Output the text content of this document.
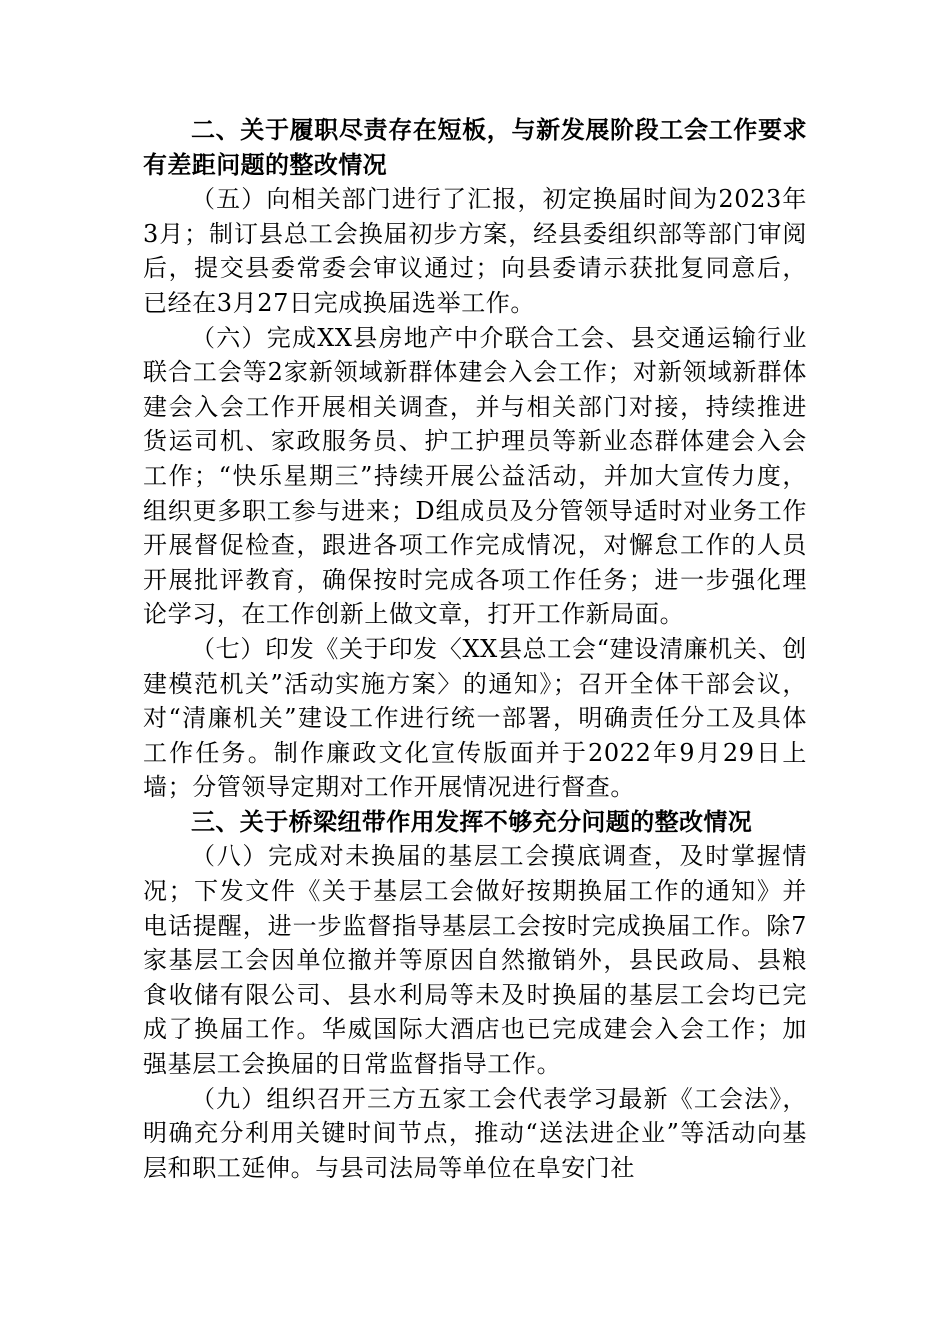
二、关于履职尽责存在短板，与新发展阶段工会工作要求有差距问题的整改情况

（五）向相关部门进行了汇报，初定换届时间为2023年3月；制订县总工会换届初步方案，经县委组织部等部门审阅后，提交县委常委会审议通过；向县委请示获批复同意后，已经在3月27日完成换届选举工作。

（六）完成XX县房地产中介联合工会、县交通运输行业联合工会等2家新领域新群体建会入会工作；对新领域新群体建会入会工作开展相关调查，并与相关部门对接，持续推进货运司机、家政服务员、护工护理员等新业态群体建会入会工作；“快乐星期三”持续开展公益活动，并加大宣传力度，组织更多职工参与进来；D组成员及分管领导适时对业务工作开展督促检查，跟进各项工作完成情况，对懈怠工作的人员开展批评教育，确保按时完成各项工作任务；进一步强化理论学习，在工作创新上做文章，打开工作新局面。

（七）印发《关于印发〈XX县总工会“建设清廉机关、创建模范机关”活动实施方案〉的通知》；召开全体干部会议，对“清廉机关”建设工作进行统一部署，明确责任分工及具体工作任务。制作廉政文化宣传版面并于2022年9月29日上墙；分管领导定期对工作开展情况进行督查。

三、关于桥梁纽带作用发挥不够充分问题的整改情况

（八）完成对未换届的基层工会摸底调查，及时掌握情况；下发文件《关于基层工会做好按期换届工作的通知》并电话提醒，进一步监督指导基层工会按时完成换届工作。除7家基层工会因单位撤并等原因自然撤销外，县民政局、县粮食收储有限公司、县水利局等未及时换届的基层工会均已完成了换届工作。华威国际大酒店也已完成建会入会工作；加强基层工会换届的日常监督指导工作。

（九）组织召开三方五家工会代表学习最新《工会法》，明确充分利用关键时间节点，推动“送法进企业”等活动向基层和职工延伸。与县司法局等单位在阜安门社
